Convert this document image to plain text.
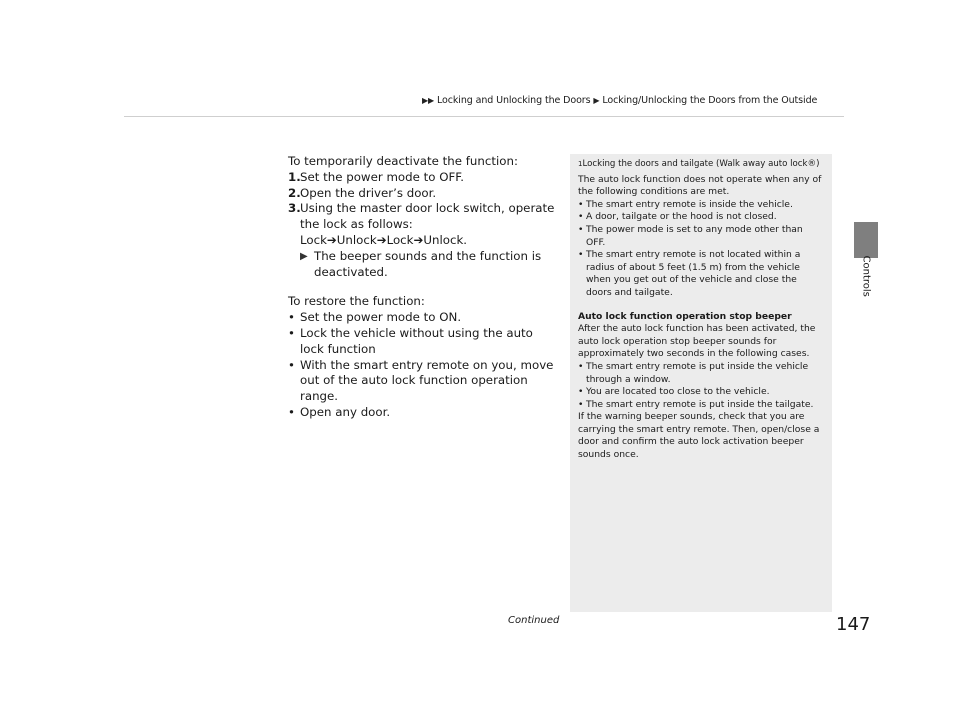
▶▶ Locking and Unlocking the Doors ▶ Locking/Unlocking the Doors from the Outside
Controls

To temporarily deactivate the function:

1. Set the power mode to OFF.
2. Open the driver’s door.
3. Using the master door lock switch, operate the lock as follows:

Lock➔Unlock➔Lock➔Unlock.

▶ The beeper sounds and the function is deactivated.

To restore the function:

• Set the power mode to ON.
• Lock the vehicle without using the auto lock function
• With the smart entry remote on you, move out of the auto lock function operation range.
• Open any door.
1Locking the doors and tailgate (Walk away auto lock®)

The auto lock function does not operate when any of the following conditions are met.

• The smart entry remote is inside the vehicle.
• A door, tailgate or the hood is not closed.
• The power mode is set to any mode other than OFF.
• The smart entry remote is not located within a radius of about 5 feet (1.5 m) from the vehicle when you get out of the vehicle and close the doors and tailgate.

Auto lock function operation stop beeper

After the auto lock function has been activated, the auto lock operation stop beeper sounds for approximately two seconds in the following cases.

• The smart entry remote is put inside the vehicle through a window.
• You are located too close to the vehicle.
• The smart entry remote is put inside the tailgate.

If the warning beeper sounds, check that you are carrying the smart entry remote. Then, open/close a door and confirm the auto lock activation beeper sounds once.

Continued	147
